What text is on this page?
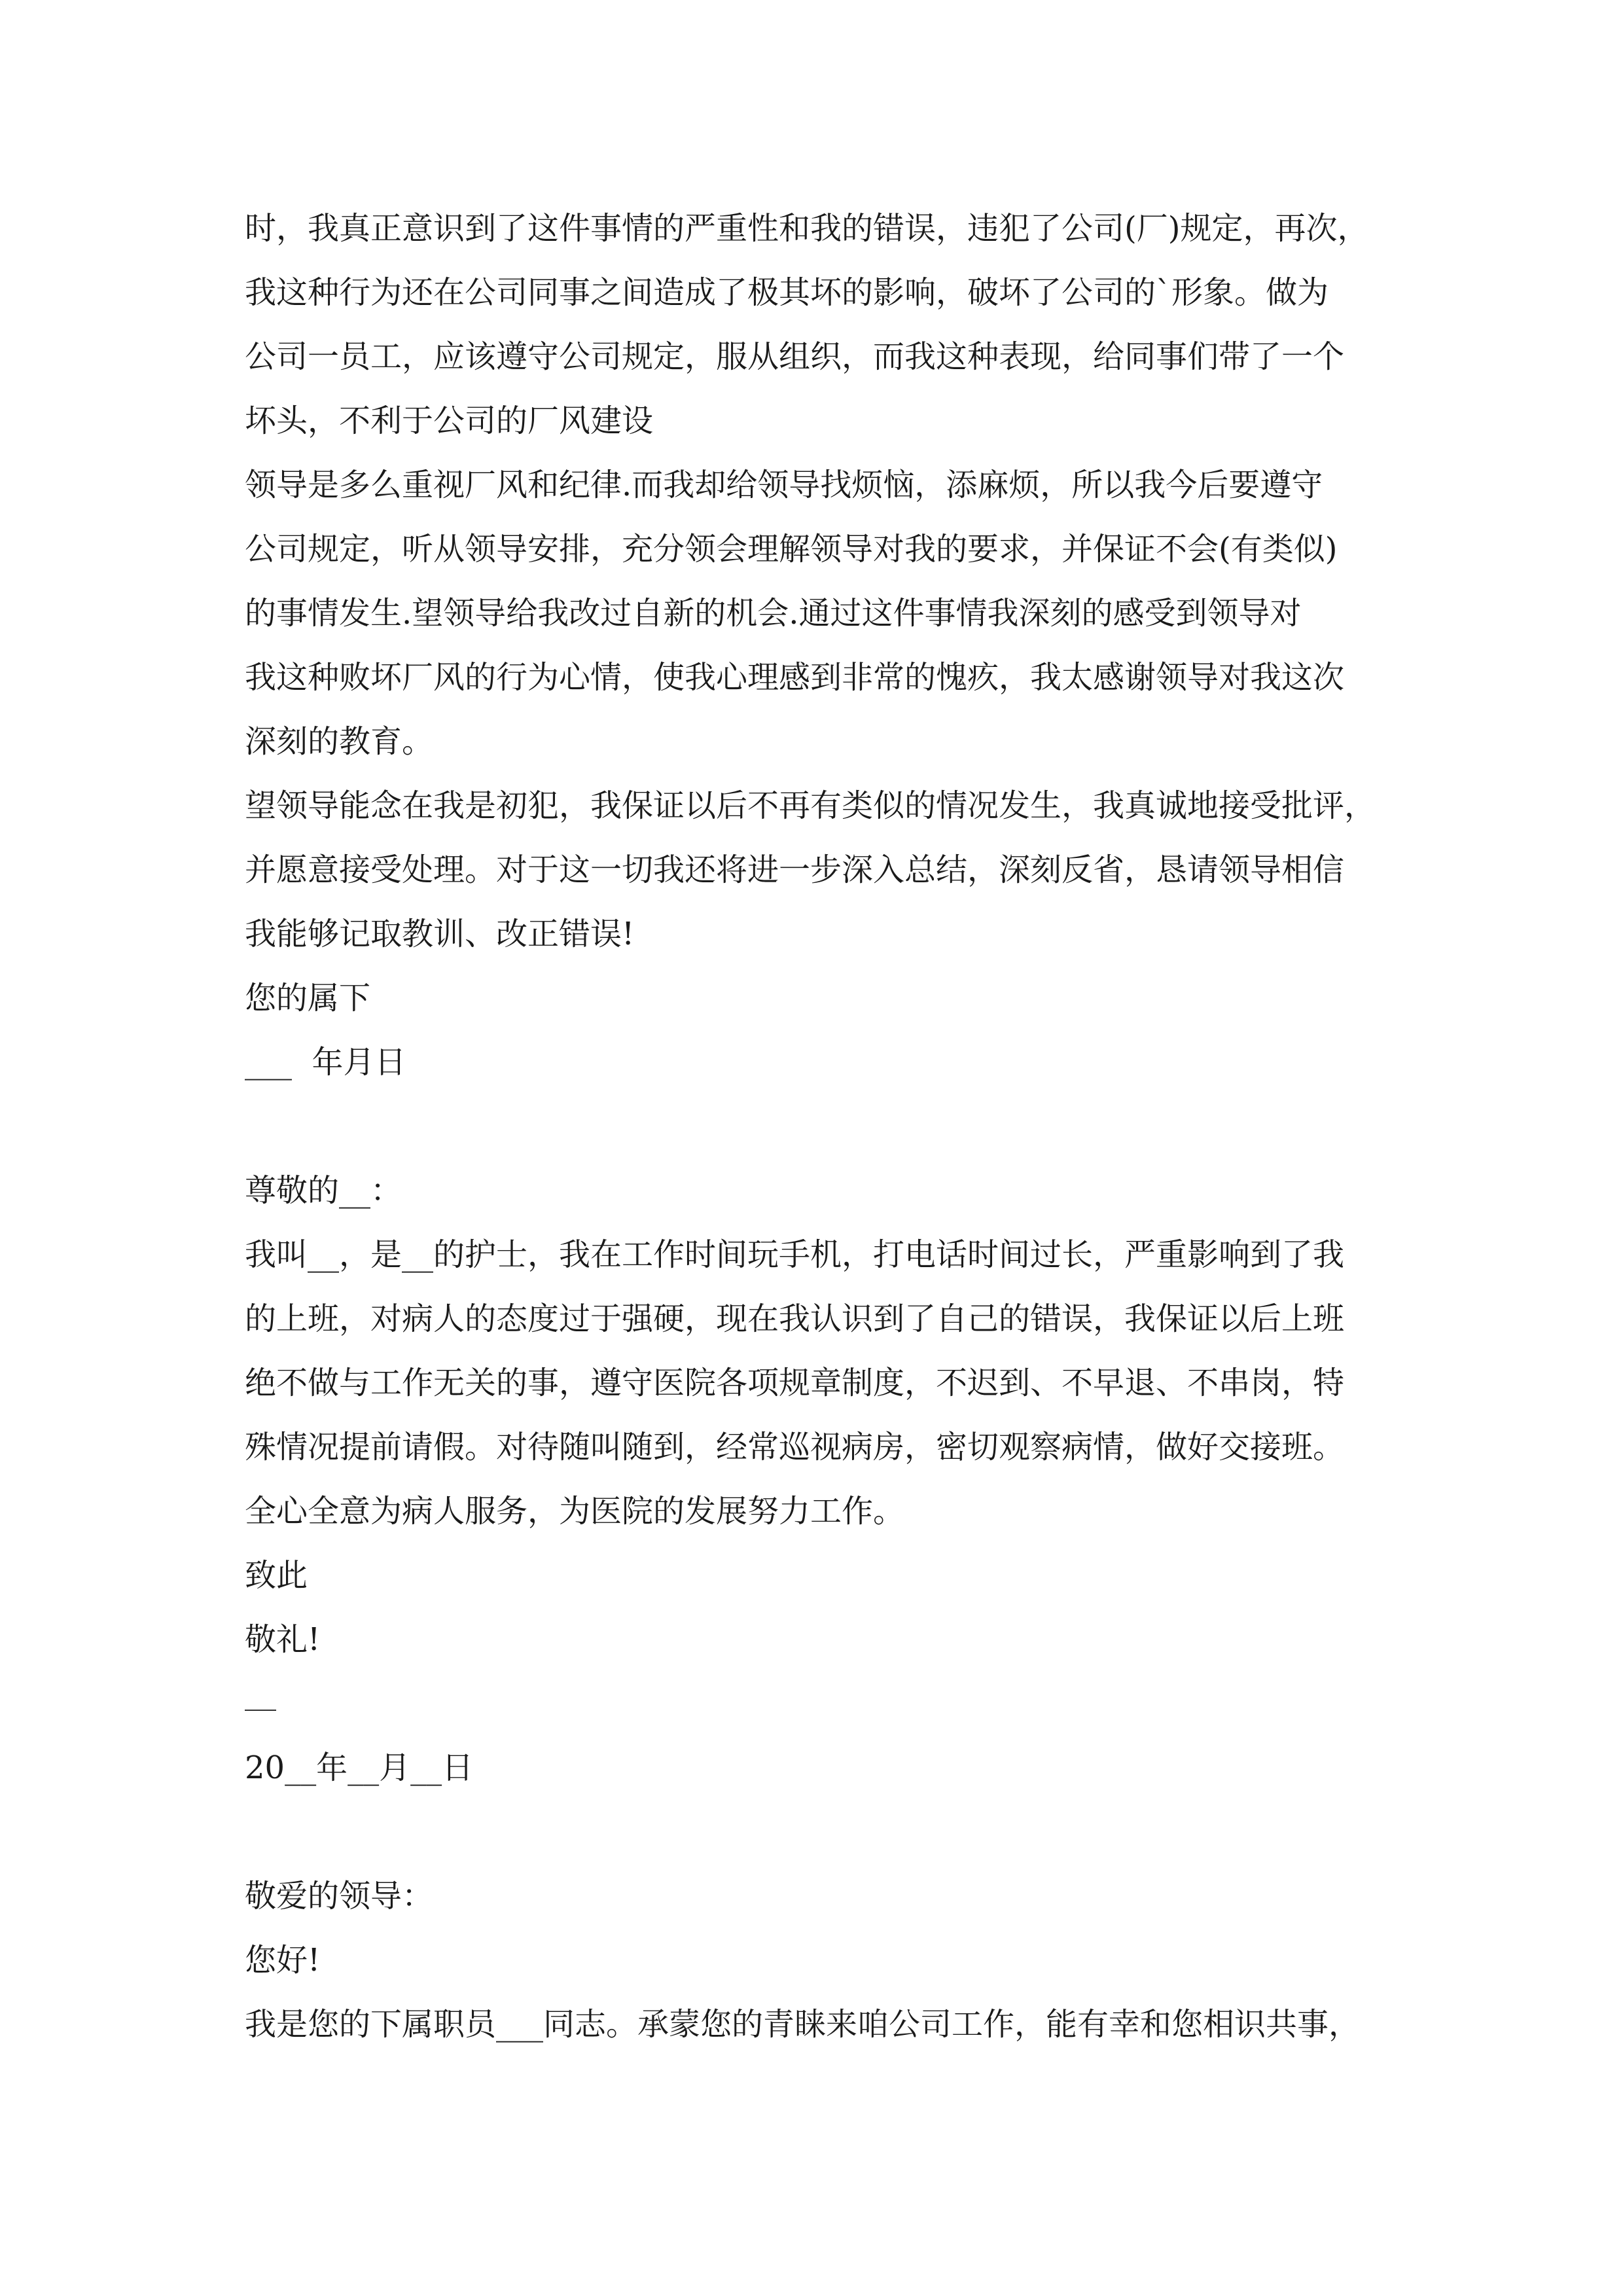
时，我真正意识到了这件事情的严重性和我的错误，违犯了公司(厂)规定，再次，
我这种行为还在公司同事之间造成了极其坏的影响，破坏了公司的`形象。做为
公司一员工，应该遵守公司规定，服从组织，而我这种表现，给同事们带了一个
坏头，不利于公司的厂风建设
领导是多么重视厂风和纪律.而我却给领导找烦恼，添麻烦，所以我今后要遵守
公司规定，听从领导安排，充分领会理解领导对我的要求，并保证不会(有类似)
的事情发生.望领导给我改过自新的机会.通过这件事情我深刻的感受到领导对
我这种败坏厂风的行为心情，使我心理感到非常的愧疚，我太感谢领导对我这次
深刻的教育。
望领导能念在我是初犯，我保证以后不再有类似的情况发生，我真诚地接受批评，
并愿意接受处理。对于这一切我还将进一步深入总结，深刻反省，恳请领导相信
我能够记取教训、改正错误!
您的属下
___  年月日
尊敬的__：
我叫__，是__的护士，我在工作时间玩手机，打电话时间过长，严重影响到了我
的上班，对病人的态度过于强硬，现在我认识到了自己的错误，我保证以后上班
绝不做与工作无关的事，遵守医院各项规章制度，不迟到、不早退、不串岗，特
殊情况提前请假。对待随叫随到，经常巡视病房，密切观察病情，做好交接班。
全心全意为病人服务，为医院的发展努力工作。
致此
敬礼!
20__年__月__日
敬爱的领导：
您好!
我是您的下属职员___同志。承蒙您的青睐来咱公司工作，能有幸和您相识共事，
